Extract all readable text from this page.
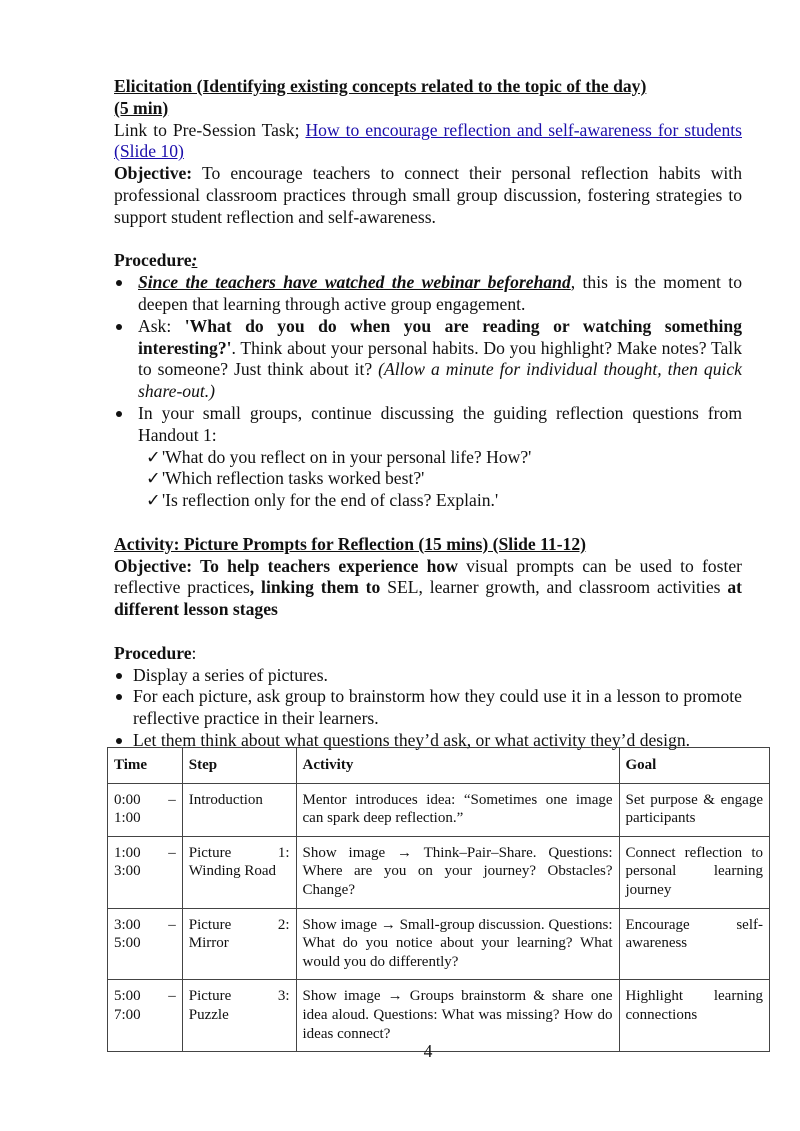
Elicitation (Identifying existing concepts related to the topic of the day)

(5 min)

Link to Pre-Session Task; How to encourage reflection and self-awareness for students (Slide 10)

Objective: To encourage teachers to connect their personal reflection habits with professional classroom practices through small group discussion, fostering strategies to support student reflection and self-awareness.

Procedure:

Since the teachers have watched the webinar beforehand, this is the moment to deepen that learning through active group engagement.
Ask: 'What do you do when you are reading or watching something interesting?'. Think about your personal habits. Do you highlight? Make notes? Talk to someone? Just think about it? (Allow a minute for individual thought, then quick share-out.)
In your small groups, continue discussing the guiding reflection questions from Handout 1:
✓ 'What do you reflect on in your personal life? How?'
✓ 'Which reflection tasks worked best?'
✓ 'Is reflection only for the end of class? Explain.'

Activity: Picture Prompts for Reflection (15 mins) (Slide 11-12)

Objective: To help teachers experience how visual prompts can be used to foster reflective practices, linking them to SEL, learner growth, and classroom activities at different lesson stages

Procedure:

Display a series of pictures.
For each picture, ask group to brainstorm how they could use it in a lesson to promote reflective practice in their learners.
Let them think about what questions they’d ask, or what activity they’d design.
Time	Step	Activity	Goal
0:00 – 1:00	Introduction	Mentor introduces idea: “Sometimes one image can spark deep reflection.”	Set purpose & engage participants
1:00 – 3:00	Picture 1: Winding Road	Show image → Think–Pair–Share. Questions: Where are you on your journey? Obstacles? Change?	Connect reflection to personal learning journey
3:00 – 5:00	Picture 2: Mirror	Show image → Small-group discussion. Questions: What do you notice about your learning? What would you do differently?	Encourage self-awareness
5:00 – 7:00	Picture 3: Puzzle	Show image → Groups brainstorm & share one idea aloud. Questions: What was missing? How do ideas connect?	Highlight learning connections
4
